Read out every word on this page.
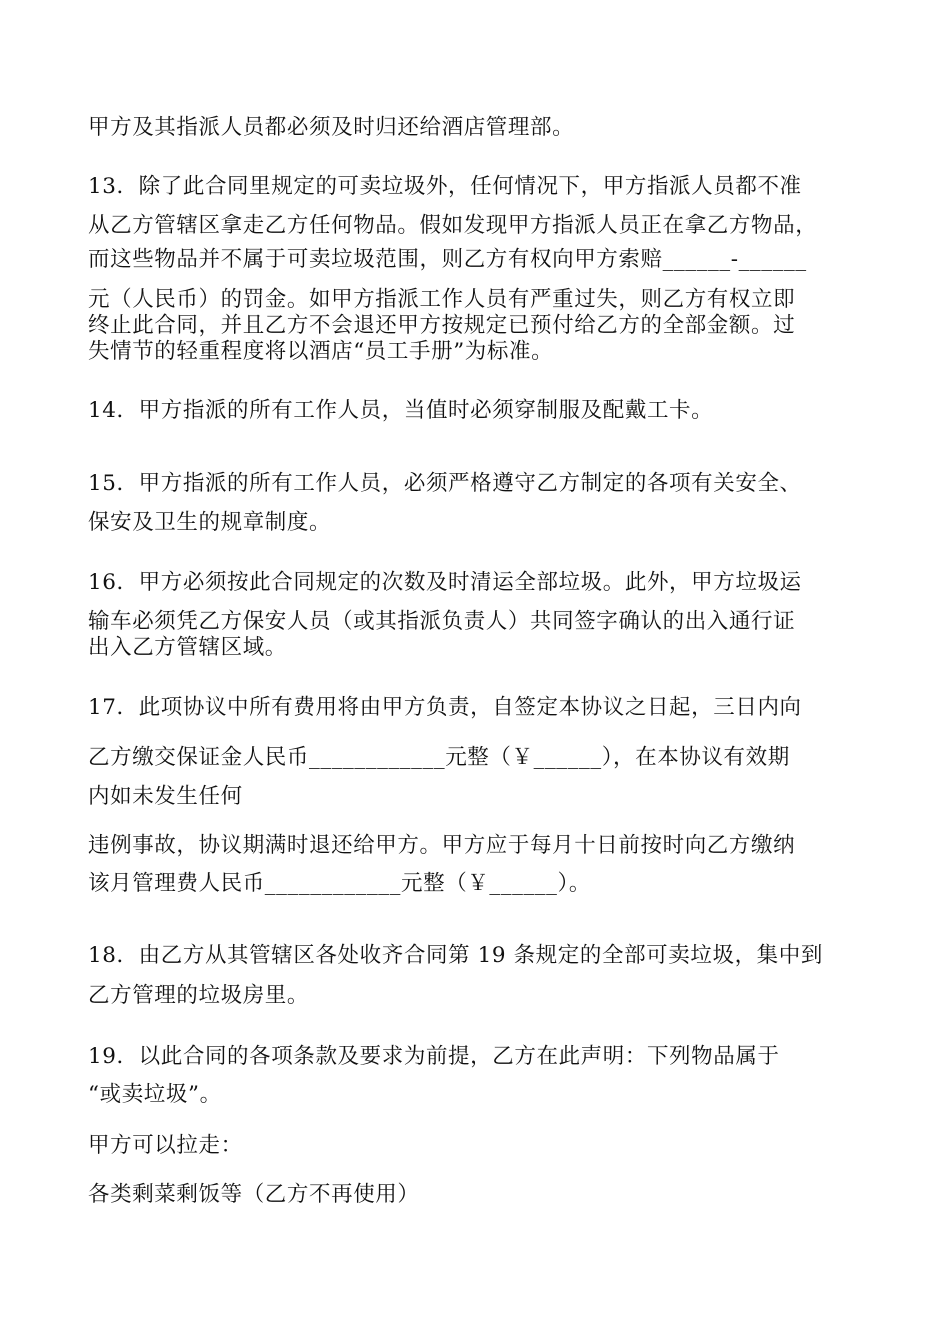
甲方及其指派人员都必须及时归还给酒店管理部。

13．除了此合同里规定的可卖垃圾外，任何情况下，甲方指派人员都不准

从乙方管辖区拿走乙方任何物品。假如发现甲方指派人员正在拿乙方物品，

而这些物品并不属于可卖垃圾范围，则乙方有权向甲方索赔______-______

元（人民币）的罚金。如甲方指派工作人员有严重过失，则乙方有权立即

终止此合同，并且乙方不会退还甲方按规定已预付给乙方的全部金额。过

失情节的轻重程度将以酒店“员工手册”为标准。

14．甲方指派的所有工作人员，当值时必须穿制服及配戴工卡。

15．甲方指派的所有工作人员，必须严格遵守乙方制定的各项有关安全、

保安及卫生的规章制度。

16．甲方必须按此合同规定的次数及时清运全部垃圾。此外，甲方垃圾运

输车必须凭乙方保安人员（或其指派负责人）共同签字确认的出入通行证

出入乙方管辖区域。

17．此项协议中所有费用将由甲方负责，自签定本协议之日起，三日内向

乙方缴交保证金人民币____________元整（￥______），在本协议有效期

内如未发生任何

违例事故，协议期满时退还给甲方。甲方应于每月十日前按时向乙方缴纳

该月管理费人民币____________元整（￥______）。

18．由乙方从其管辖区各处收齐合同第 19 条规定的全部可卖垃圾，集中到

乙方管理的垃圾房里。

19．以此合同的各项条款及要求为前提，乙方在此声明：下列物品属于

“或卖垃圾”。

甲方可以拉走：

各类剩菜剩饭等（乙方不再使用）
